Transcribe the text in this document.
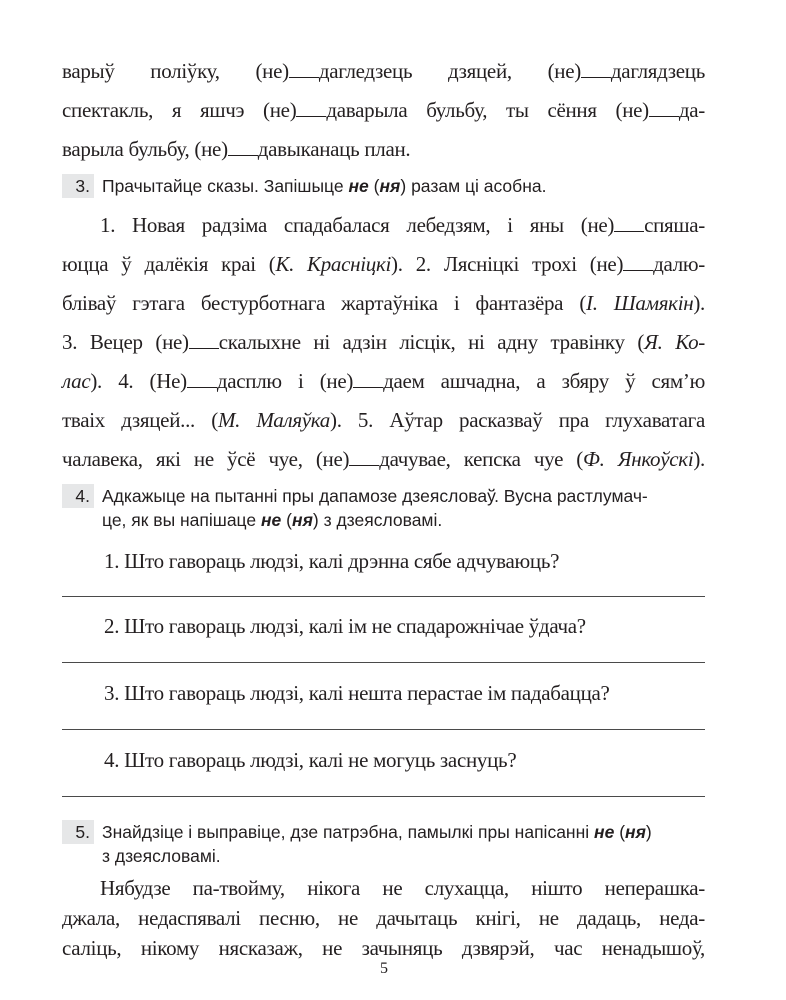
варыў поліўку, (не) дагледзець дзяцей, (не) даглядзець
спектакль, я яшчэ (не) даварыла бульбу, ты сёння (не) да-
варыла бульбу, (не) давыканаць план.
3. Прачытайце сказы. Запішыце не (ня) разам ці асобна.
1. Новая радзіма спадабалася лебедзям, і яны (не) спяша-
юцца ў далёкія краі (К. Красніцкі). 2. Лясніцкі трохі (не) далю-
бліваў гэтага бестурботнага жартаўніка і фантазёра (І. Шамякін).
3. Вецер (не) скалыхне ні адзін лісцік, ні адну травінку (Я. Ко-
лас). 4. (Не) дасплю і (не) даем ашчадна, а збяру ў сям’ю
тваіх дзяцей... (М. Маляўка). 5. Аўтар расказваў пра глухаватага
чалавека, які не ўсё чуе, (не) дачувае, кепска чуе (Ф. Янкоўскі).
4. Адкажыце на пытанні пры дапамозе дзеясловаў. Вусна растлумач-
це, як вы напішаце не (ня) з дзеясловамі.
1. Што гавораць людзі, калі дрэнна сябе адчуваюць?
2. Што гавораць людзі, калі ім не спадарожнічае ўдача?
3. Што гавораць людзі, калі нешта перастае ім падабацца?
4. Што гавораць людзі, калі не могуць заснуць?
5. Знайдзіце і выправіце, дзе патрэбна, памылкі пры напісанні не (ня)
з дзеясловамі.
Нябудзе па-твойму, нікога не слухацца, нішто неперашка-
джала, недаспявалі песню, не дачытаць кнігі, не дадаць, неда-
саліць, нікому нясказаж, не зачыняць дзвярэй, час ненадышоў,
5
